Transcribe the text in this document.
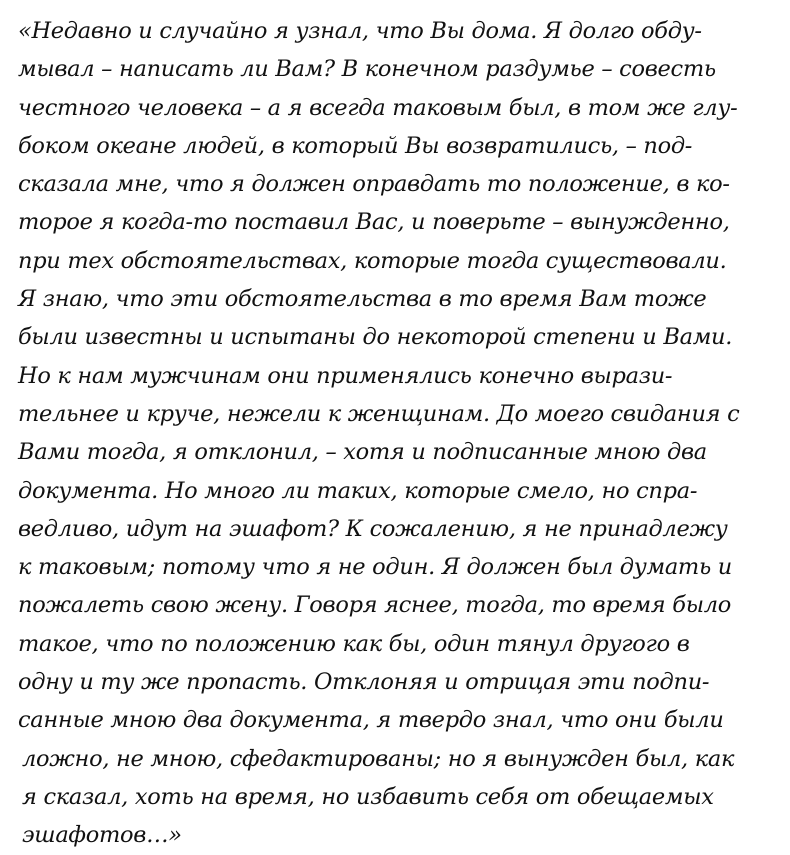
«Недавно и случайно я узнал, что Вы дома. Я долго обду-
мывал – написать ли Вам? В конечном раздумье – совесть
честного человека – а я всегда таковым был, в том же глу-
боком океане людей, в который Вы возвратились, – под-
сказала мне, что я должен оправдать то положение, в ко-
торое я когда-то поставил Вас, и поверьте – вынужденно,
при тех обстоятельствах, которые тогда существовали.
Я знаю, что эти обстоятельства в то время Вам тоже
были известны и испытаны до некоторой степени и Вами.
Но к нам мужчинам они применялись конечно вырази-
тельнее и круче, нежели к женщинам. До моего свидания с
Вами тогда, я отклонил, – хотя и подписанные мною два
документа. Но много ли таких, которые смело, но спра-
ведливо, идут на эшафот? К сожалению, я не принадлежу
к таковым; потому что я не один. Я должен был думать и
пожалеть свою жену. Говоря яснее, тогда, то время было
такое, что по положению как бы, один тянул другого в
одну и ту же пропасть. Отклоняя и отрицая эти подпи-
санные мною два документа, я твердо знал, что они были
ложно, не мною, сфедактированы; но я вынужден был, как
я сказал, хоть на время, но избавить себя от обещаемых
эшафотов…»
